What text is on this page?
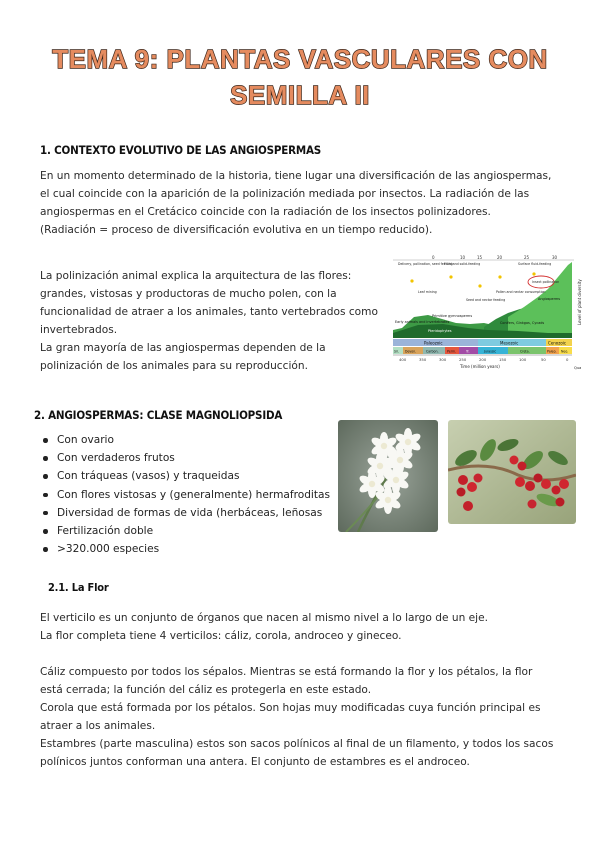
TEMA 9: PLANTAS VASCULARES CON
SEMILLA II
1. CONTEXTO EVOLUTIVO DE LAS ANGIOSPERMAS
En un momento determinado de la historia, tiene lugar una diversificación de las angiospermas,
el cual coincide con la aparición de la polinización mediada por insectos. La radiación de las
angiospermas en el Cretácico coincide con la radiación de los insectos polinizadores.
(Radiación = proceso de diversificación evolutiva en un tiempo reducido).
La polinización animal explica la arquitectura de las flores:
grandes, vistosas y productoras de mucho polen, con la
funcionalidad de atraer a los animales, tanto vertebrados como
invertebrados.
La gran mayoría de las angiospermas dependen de la
polinización de los animales para su reproducción.
0	10	15	20	25	30
Early animals and invertebrates
Pteridophytes
Primitive gymnosperms
Conifers, Ginkgos, Cycads
Angiosperms
Delivery, pollination, seed feeding
Fluid and solid-feeding
Pollen and nectar consumption
Surface fluid-feeding
Leaf mining
Seed and nectar feeding
Insect pollination
Paleozoic	Mesozoic	Cenozoic
Sil. Devon.	Carbon.	Perm.	Tr.	Jurassic	Creta.	Paleo. Neo.
400	350	300	250	200	150	100	50	0
Time (million years)	Qua
Level of plant diversity
2. ANGIOSPERMAS: CLASE MAGNOLIOPSIDA
Con ovario
Con verdaderos frutos
Con tráqueas (vasos) y traqueidas
Con flores vistosas y (generalmente) hermafroditas
Diversidad de formas de vida (herbáceas, leñosas
Fertilización doble
>320.000 especies
2.1. La Flor
El verticilo es un conjunto de órganos que nacen al mismo nivel a lo largo de un eje.
La flor completa tiene 4 verticilos: cáliz, corola, androceo y gineceo.
Cáliz compuesto por todos los sépalos. Mientras se está formando la flor y los pétalos, la flor
está cerrada; la función del cáliz es protegerla en este estado.
Corola que está formada por los pétalos. Son hojas muy modificadas cuya función principal es
atraer a los animales.
Estambres (parte masculina) estos son sacos polínicos al final de un filamento, y todos los sacos
polínicos juntos conforman una antera. El conjunto de estambres es el androceo.
